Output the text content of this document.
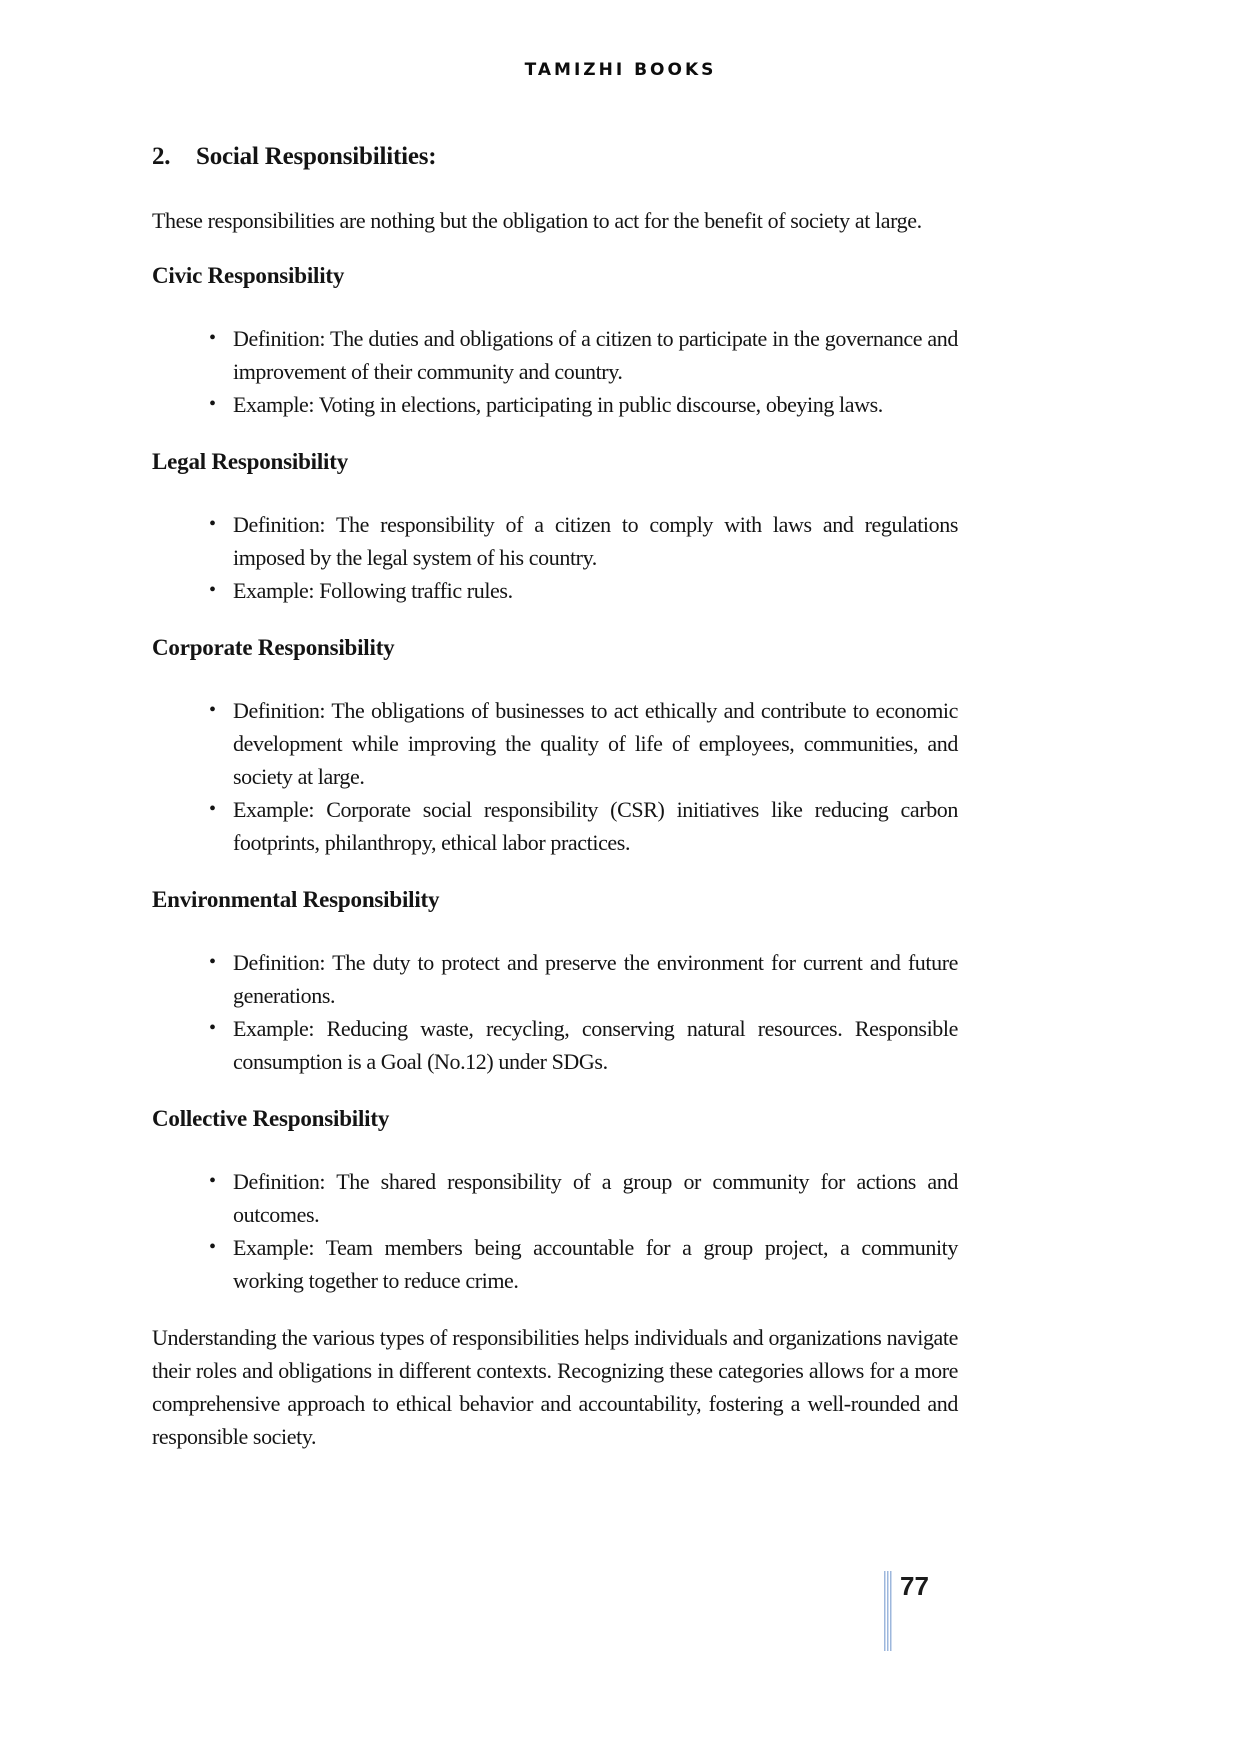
TAMIZHI BOOKS
2.	Social Responsibilities:

These responsibilities are nothing but the obligation to act for the benefit of society at large.

Civic Responsibility
• Definition: The duties and obligations of a citizen to participate in the governance and improvement of their community and country.
• Example: Voting in elections, participating in public discourse, obeying laws.
Legal Responsibility
• Definition: The responsibility of a citizen to comply with laws and regulations imposed by the legal system of his country.
• Example: Following traffic rules.
Corporate Responsibility
• Definition: The obligations of businesses to act ethically and contribute to economic development while improving the quality of life of employees, communities, and society at large.
• Example: Corporate social responsibility (CSR) initiatives like reducing carbon footprints, philanthropy, ethical labor practices.
Environmental Responsibility
• Definition: The duty to protect and preserve the environment for current and future generations.
• Example: Reducing waste, recycling, conserving natural resources. Responsible consumption is a Goal (No.12) under SDGs.
Collective Responsibility
• Definition: The shared responsibility of a group or community for actions and outcomes.
• Example: Team members being accountable for a group project, a community working together to reduce crime.

Understanding the various types of responsibilities helps individuals and organizations navigate their roles and obligations in different contexts. Recognizing these categories allows for a more comprehensive approach to ethical behavior and accountability, fostering a well-rounded and responsible society.

77
